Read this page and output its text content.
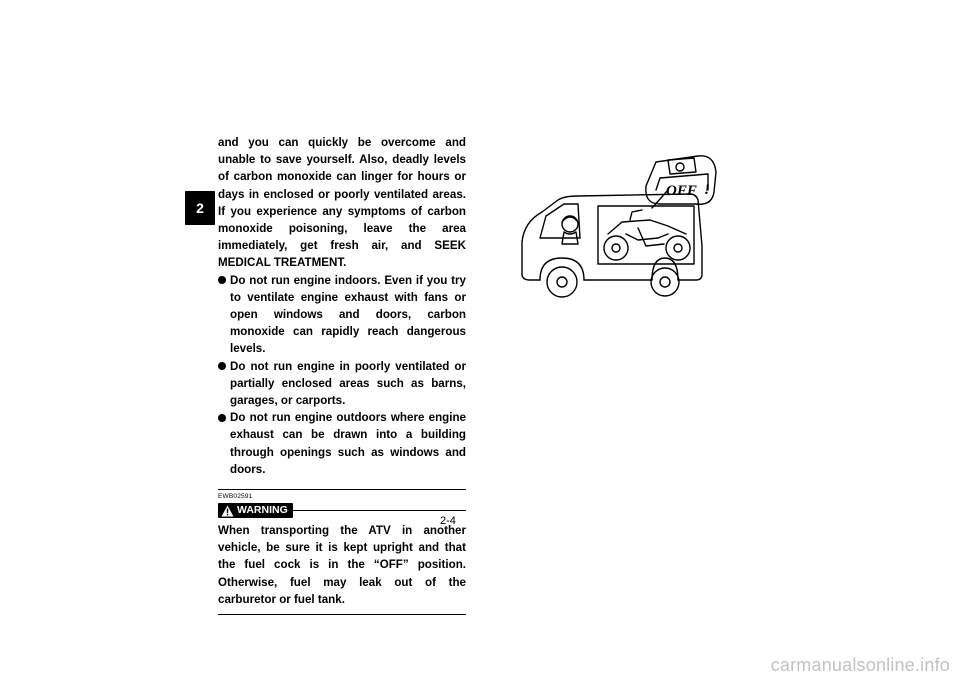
2

and you can quickly be overcome and unable to save yourself. Also, deadly levels of carbon monoxide can linger for hours or days in enclosed or poorly ventilated areas. If you experience any symptoms of carbon monoxide poisoning, leave the area immediately, get fresh air, and SEEK MEDICAL TREATMENT.

Do not run engine indoors. Even if you try to ventilate engine exhaust with fans or open windows and doors, carbon monoxide can rapidly reach dangerous levels.
Do not run engine in poorly ventilated or partially enclosed areas such as barns, garages, or carports.
Do not run engine outdoors where engine exhaust can be drawn into a building through openings such as windows and doors.
EWB02591
WARNING

When transporting the ATV in another vehicle, be sure it is kept upright and that the fuel cock is in the “OFF” position. Otherwise, fuel may leak out of the carburetor or fuel tank.

OFF !
2-4
carmanualsonline.info
